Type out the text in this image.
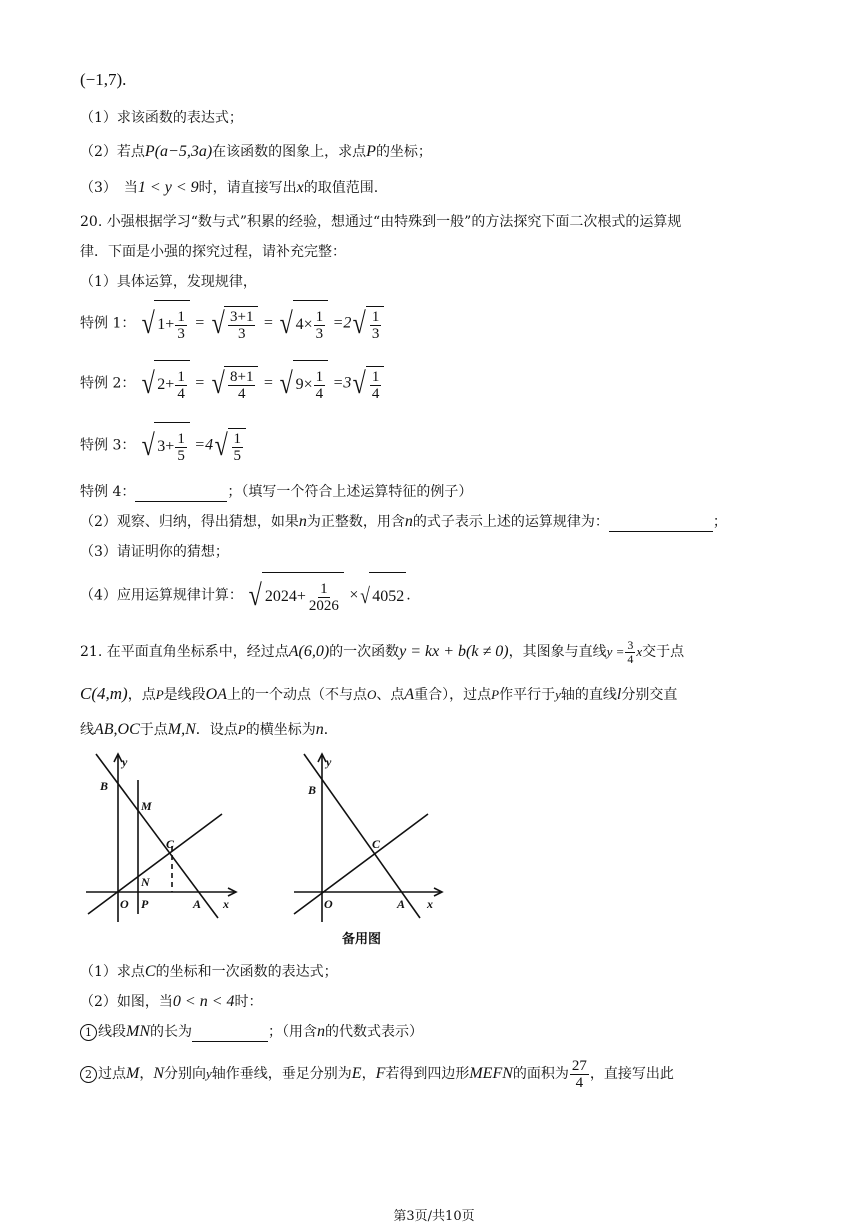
(−1,7).
（1）求该函数的表达式；
（2）若点P(a−5,3a)在该函数的图象上，求点P的坐标；
（3）　当1 < y < 9时，请直接写出x的取值范围.
20. 小强根据学习“数与式”积累的经验，想通过“由特殊到一般”的方法探究下面二次根式的运算规
律．下面是小强的探究过程，请补充完整：
（1）具体运算，发现规律，
特例 1： √ $1+ \frac{1}{3}$ = √ $\frac{3+1}{3}$ = √ $4\times \frac{1}{3} =2$ √ $\frac{1}{3}$
特例 2： √ $2+ \frac{1}{4}$ = √ $\frac{8+1}{4}$ = √ $9\times \frac{1}{4} =3$ √ $\frac{1}{4}$
特例 3： √ $3+ \frac{1}{5} =4$ √ $\frac{1}{5}$
特例 4：	；（填写一个符合上述运算特征的例子）
（2）观察、归纳，得出猜想，如果n为正整数，用含n的式子表示上述的运算规律为：	；
（3）请证明你的猜想；
（4）应用运算规律计算： √ $2024+ \frac{1}{2026}$ × √ 4052 .
21. 在平面直角坐标系中，经过点A(6,0)的一次函数y = kx + b(k ≠ 0)，其图象与直线$y = \frac{3}{4}$ x交于点
C(4,m)，点P是线段OA上的一个动点（不与点O、点A重合），过点P作平行于y轴的直线l分别交直
线AB,OC于点M,N．设点P的横坐标为n．
y
B
M
C
N
O P	A x
y
B
C
O	A x
备用图
（1）求点C的坐标和一次函数的表达式；
（2）如图，当0 < n < 4时：
1 线段MN的长为	；（用含n的代数式表示）
2 过点M，N分别向y轴作垂线，垂足分别为E，F若得到四边形MEFN的面积为 $\frac{27}{4}$ ，直接写出此
第3页/共10页
